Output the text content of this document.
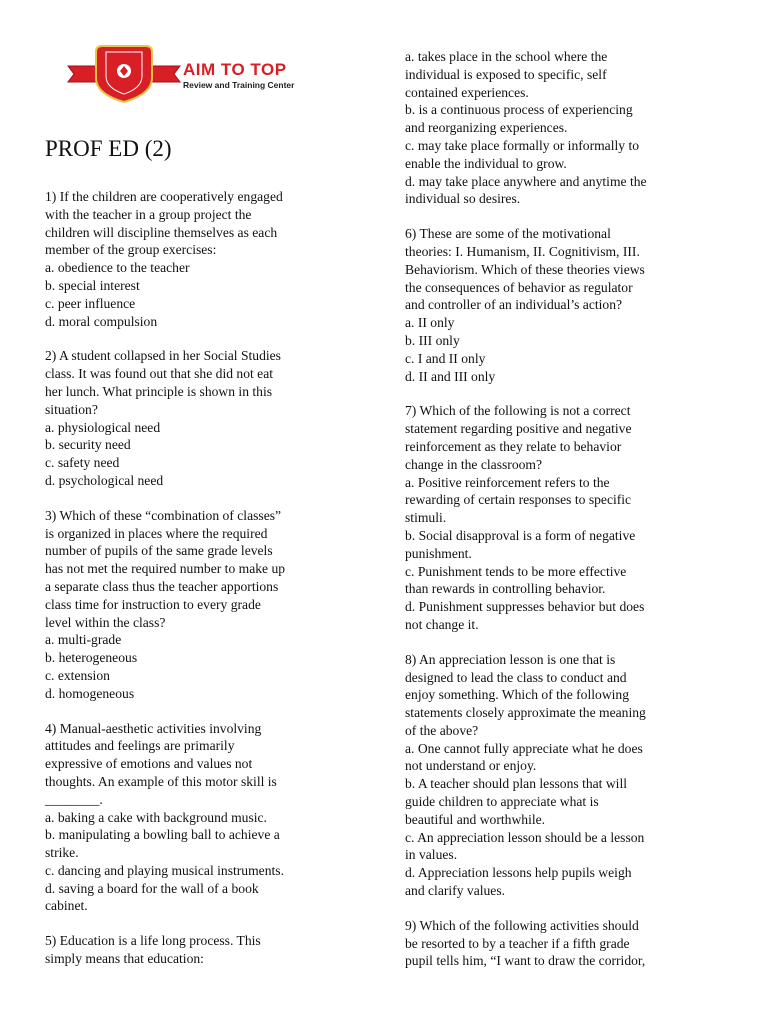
AIM TO TOP
Review and Training Center
PROF ED (2)
1) If the children are cooperatively engaged
with the teacher in a group project the
children will discipline themselves as each
member of the group exercises:
a. obedience to the teacher
b. special interest
c. peer influence
d. moral compulsion
2) A student collapsed in her Social Studies
class. It was found out that she did not eat
her lunch. What principle is shown in this
situation?
a. physiological need
b. security need
c. safety need
d. psychological need
3) Which of these “combination of classes”
is organized in places where the required
number of pupils of the same grade levels
has not met the required number to make up
a separate class thus the teacher apportions
class time for instruction to every grade
level within the class?
a. multi-grade
b. heterogeneous
c. extension
d. homogeneous
4) Manual-aesthetic activities involving
attitudes and feelings are primarily
expressive of emotions and values not
thoughts. An example of this motor skill is
________.
a. baking a cake with background music.
b. manipulating a bowling ball to achieve a
strike.
c. dancing and playing musical instruments.
d. saving a board for the wall of a book
cabinet.
5) Education is a life long process. This
simply means that education:
a. takes place in the school where the
individual is exposed to specific, self
contained experiences.
b. is a continuous process of experiencing
and reorganizing experiences.
c. may take place formally or informally to
enable the individual to grow.
d. may take place anywhere and anytime the
individual so desires.
6) These are some of the motivational
theories: I. Humanism, II. Cognitivism, III.
Behaviorism. Which of these theories views
the consequences of behavior as regulator
and controller of an individual’s action?
a. II only
b. III only
c. I and II only
d. II and III only
7) Which of the following is not a correct
statement regarding positive and negative
reinforcement as they relate to behavior
change in the classroom?
a. Positive reinforcement refers to the
rewarding of certain responses to specific
stimuli.
b. Social disapproval is a form of negative
punishment.
c. Punishment tends to be more effective
than rewards in controlling behavior.
d. Punishment suppresses behavior but does
not change it.
8) An appreciation lesson is one that is
designed to lead the class to conduct and
enjoy something. Which of the following
statements closely approximate the meaning
of the above?
a. One cannot fully appreciate what he does
not understand or enjoy.
b. A teacher should plan lessons that will
guide children to appreciate what is
beautiful and worthwhile.
c. An appreciation lesson should be a lesson
in values.
d. Appreciation lessons help pupils weigh
and clarify values.
9) Which of the following activities should
be resorted to by a teacher if a fifth grade
pupil tells him, “I want to draw the corridor,
